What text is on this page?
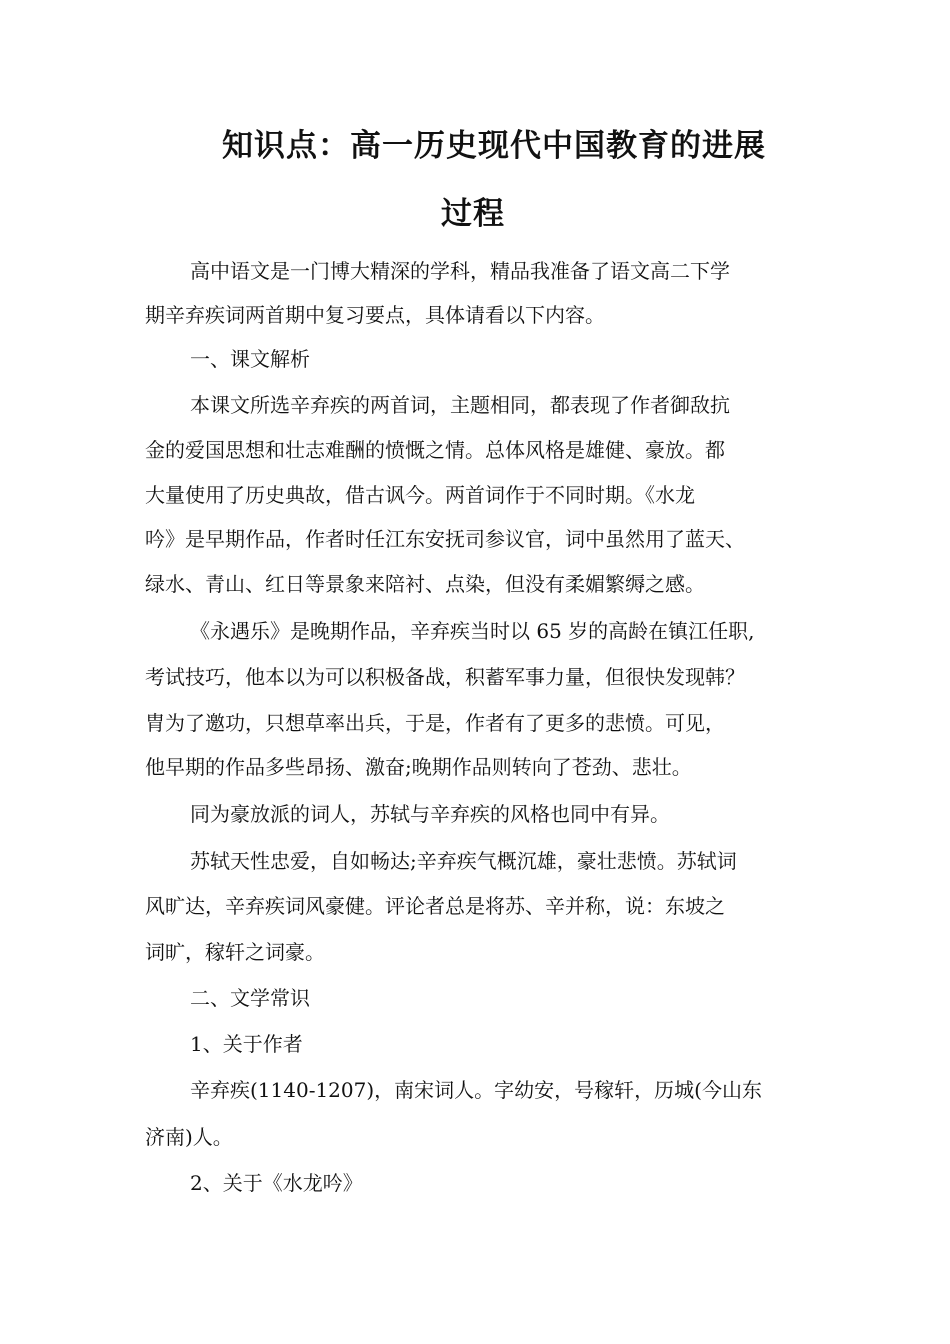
知识点：高一历史现代中国教育的进展
过程
高中语文是一门博大精深的学科，精品我准备了语文高二下学
期辛弃疾词两首期中复习要点，具体请看以下内容。
一、课文解析
本课文所选辛弃疾的两首词，主题相同，都表现了作者御敌抗
金的爱国思想和壮志难酬的愤慨之情。总体风格是雄健、豪放。都
大量使用了历史典故，借古讽今。两首词作于不同时期。《水龙
吟》是早期作品，作者时任江东安抚司参议官，词中虽然用了蓝天、
绿水、青山、红日等景象来陪衬、点染，但没有柔媚繁缛之感。
《永遇乐》是晚期作品，辛弃疾当时以 65 岁的高龄在镇江任职,
考试技巧，他本以为可以积极备战，积蓄军事力量，但很快发现韩？
胄为了邀功，只想草率出兵，于是，作者有了更多的悲愤。可见，
他早期的作品多些昂扬、激奋;晚期作品则转向了苍劲、悲壮。
同为豪放派的词人，苏轼与辛弃疾的风格也同中有异。
苏轼天性忠爱，自如畅达;辛弃疾气概沉雄，豪壮悲愤。苏轼词
风旷达，辛弃疾词风豪健。评论者总是将苏、辛并称，说：东坡之
词旷，稼轩之词豪。
二、文学常识
1、关于作者
辛弃疾(1140-1207)，南宋词人。字幼安，号稼轩，历城(今山东
济南)人。
2、关于《水龙吟》
